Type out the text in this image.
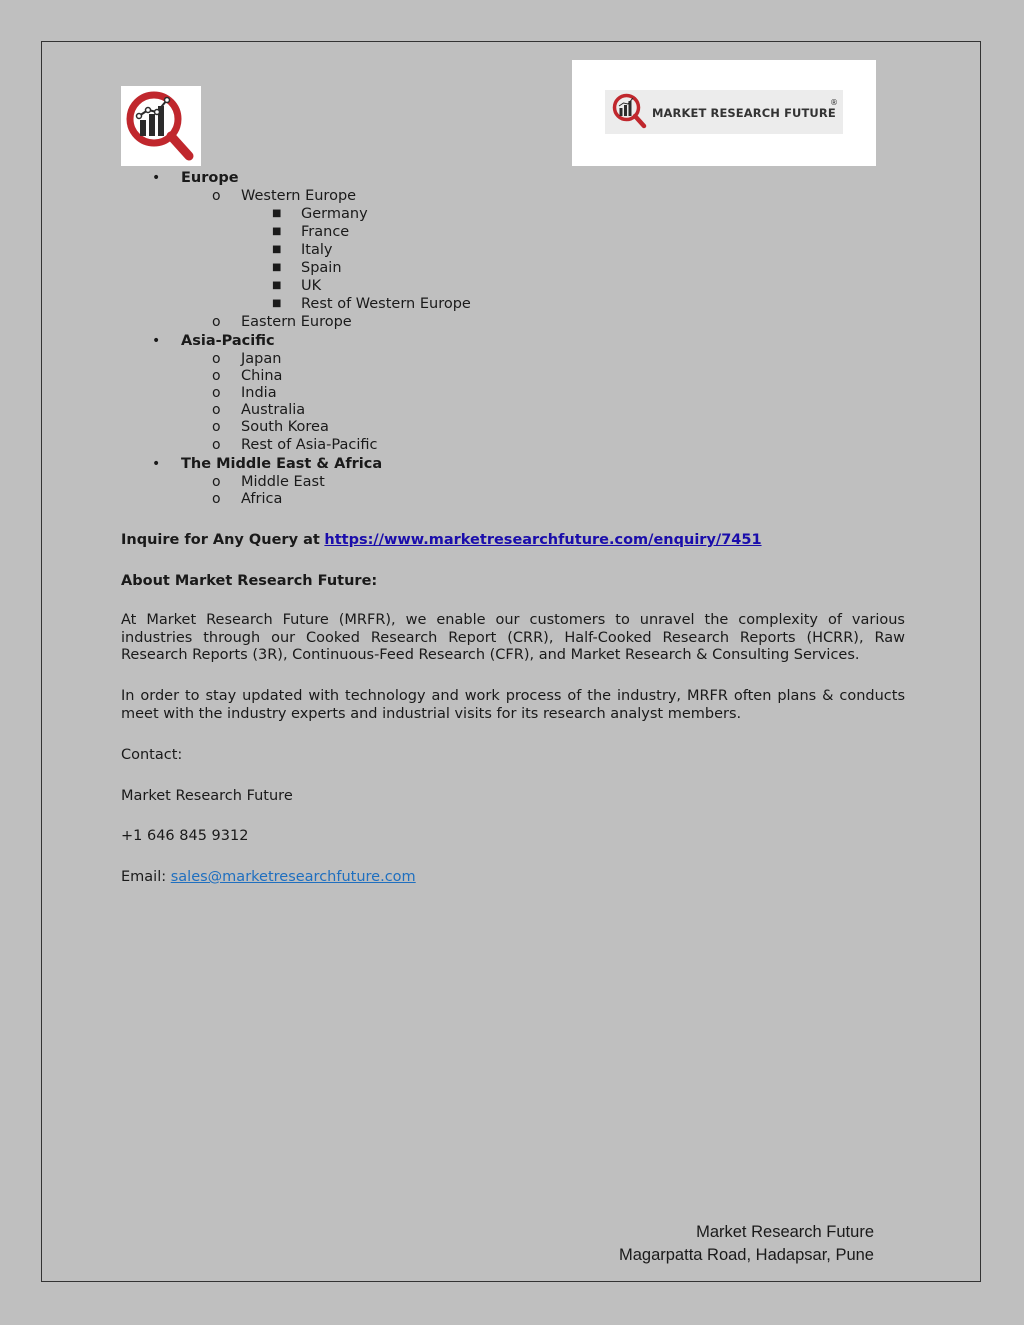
MARKET RESEARCH FUTURE
®
• Europe
o Western Europe
■ Germany
■ France
■ Italy
■ Spain
■ UK
■ Rest of Western Europe
o Eastern Europe
• Asia-Pacific
o Japan
o China
o India
o Australia
o South Korea
o Rest of Asia-Pacific
• The Middle East & Africa
o Middle East
o Africa
Inquire for Any Query at https://www.marketresearchfuture.com/enquiry/7451
About Market Research Future:
At Market Research Future (MRFR), we enable our customers to unravel the complexity of various industries through our Cooked Research Report (CRR), Half-Cooked Research Reports (HCRR), Raw Research Reports (3R), Continuous-Feed Research (CFR), and Market Research & Consulting Services.
In order to stay updated with technology and work process of the industry, MRFR often plans & conducts meet with the industry experts and industrial visits for its research analyst members.
Contact:
Market Research Future
+1 646 845 9312
Email: sales@marketresearchfuture.com
Market Research Future
Magarpatta Road, Hadapsar, Pune
